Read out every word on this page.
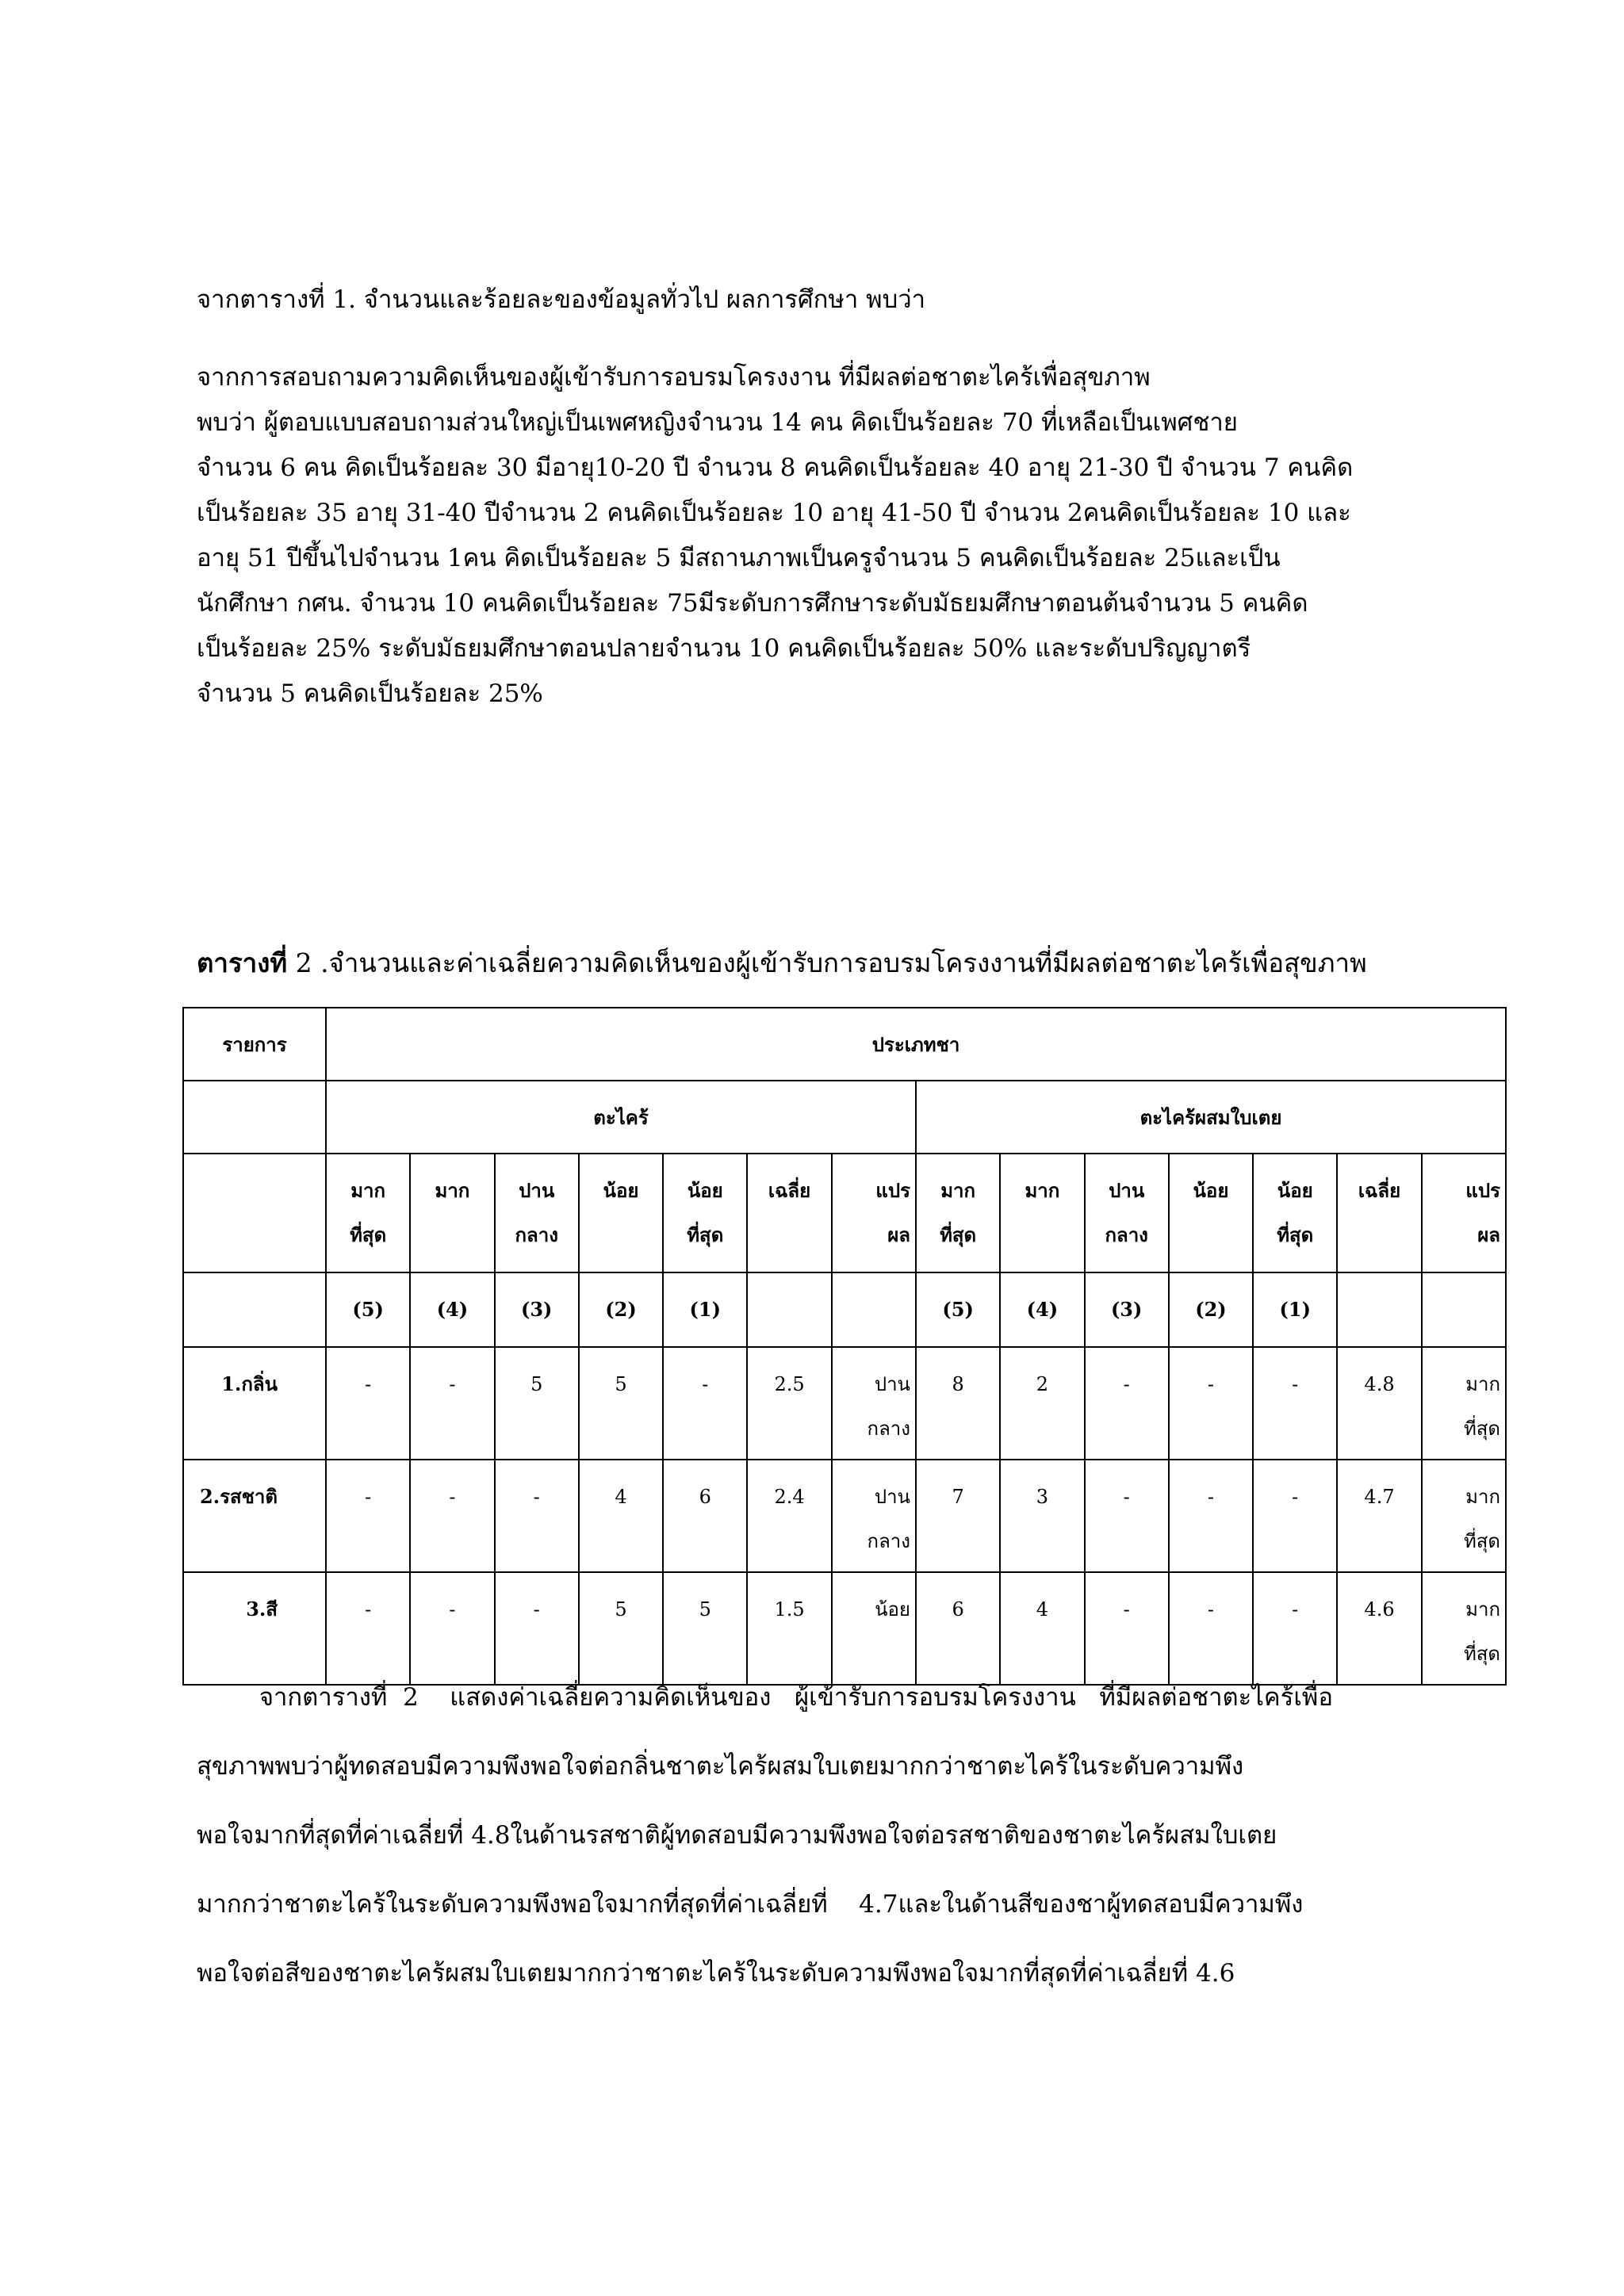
จากตารางที่ 1. จำนวนและร้อยละของข้อมูลทั่วไป ผลการศึกษา พบว่า
จากการสอบถามความคิดเห็นของผู้เข้ารับการอบรมโครงงาน ที่มีผลต่อชาตะไคร้เพื่อสุขภาพ
พบว่า ผู้ตอบแบบสอบถามส่วนใหญ่เป็นเพศหญิงจำนวน 14 คน คิดเป็นร้อยละ 70 ที่เหลือเป็นเพศชาย
จำนวน 6 คน คิดเป็นร้อยละ 30 มีอายุ10-20 ปี จำนวน 8 คนคิดเป็นร้อยละ 40 อายุ 21-30 ปี จำนวน 7 คนคิด
เป็นร้อยละ 35 อายุ 31-40 ปีจำนวน 2 คนคิดเป็นร้อยละ 10 อายุ 41-50 ปี จำนวน 2คนคิดเป็นร้อยละ 10 และ
อายุ 51 ปีขึ้นไปจำนวน 1คน คิดเป็นร้อยละ 5 มีสถานภาพเป็นครูจำนวน 5 คนคิดเป็นร้อยละ 25และเป็น
นักศึกษา กศน. จำนวน 10 คนคิดเป็นร้อยละ 75มีระดับการศึกษาระดับมัธยมศึกษาตอนต้นจำนวน 5 คนคิด
เป็นร้อยละ 25% ระดับมัธยมศึกษาตอนปลายจำนวน 10 คนคิดเป็นร้อยละ 50% และระดับปริญญาตรี
จำนวน 5 คนคิดเป็นร้อยละ 25%
ตารางที่ 2 .จำนวนและค่าเฉลี่ยความคิดเห็นของผู้เข้ารับการอบรมโครงงานที่มีผลต่อชาตะไคร้เพื่อสุขภาพ
รายการ	ประเภทชา													
	ตะไคร้							ตะไคร้ผสมใบเตย						

	มาก
ที่สุด	มาก	ปาน
กลาง	น้อย	น้อย
ที่สุด	เฉลี่ย	แปร
ผล	มาก
ที่สุด	มาก	ปาน
กลาง	น้อย	น้อย
ที่สุด	เฉลี่ย	แปร
ผล

	(5)	(4)	(3)	(2)	(1)			(5)	(4)	(3)	(2)	(1)		
1.กลิ่น	-	-	5	5	-	2.5	ปาน
กลาง	8	2	-	-	-	4.8	มาก
ที่สุด

2.รสชาติ	-	-	-	4	6	2.4	ปาน
กลาง	7	3	-	-	-	4.7	มาก
ที่สุด

3.สี	-	-	-	5	5	1.5	น้อย	6	4	-	-	-	4.6	มาก
ที่สุด
จากตารางที่  2    แสดงค่าเฉลี่ยความคิดเห็นของ   ผู้เข้ารับการอบรมโครงงาน   ที่มีผลต่อชาตะไคร้เพื่อ
สุขภาพพบว่าผู้ทดสอบมีความพึงพอใจต่อกลิ่นชาตะไคร้ผสมใบเตยมากกว่าชาตะไคร้ในระดับความพึง
พอใจมากที่สุดที่ค่าเฉลี่ยที่ 4.8ในด้านรสชาติผู้ทดสอบมีความพึงพอใจต่อรสชาติของชาตะไคร้ผสมใบเตย
มากกว่าชาตะไคร้ในระดับความพึงพอใจมากที่สุดที่ค่าเฉลี่ยที่    4.7และในด้านสีของชาผู้ทดสอบมีความพึง
พอใจต่อสีของชาตะไคร้ผสมใบเตยมากกว่าชาตะไคร้ในระดับความพึงพอใจมากที่สุดที่ค่าเฉลี่ยที่ 4.6
